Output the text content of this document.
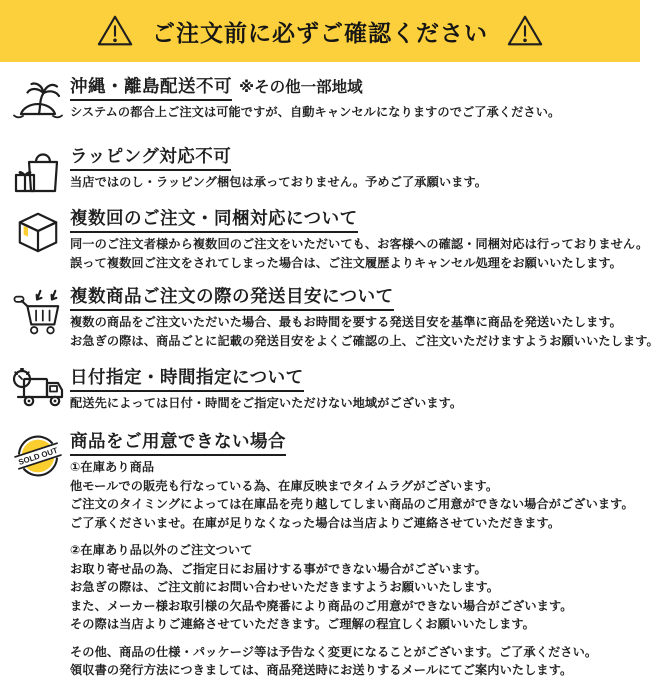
ご注文前に必ずご確認ください
沖縄・離島配送不可 ※その他一部地域
システムの都合上ご注文は可能ですが、自動キャンセルになりますのでご了承ください。
ラッピング対応不可
当店ではのし・ラッピング梱包は承っておりません。予めご了承願います。
複数回のご注文・同梱対応について
同一のご注文者様から複数回のご注文をいただいても、お客様への確認・同梱対応は行っておりません。
誤って複数回ご注文をされてしまった場合は、ご注文履歴よりキャンセル処理をお願いいたします。
複数商品ご注文の際の発送目安について
複数の商品をご注文いただいた場合、最もお時間を要する発送目安を基準に商品を発送いたします。
お急ぎの際は、商品ごとに記載の発送目安をよくご確認の上、ご注文いただけますようお願いいたします。
日付指定・時間指定について
配送先によっては日付・時間をご指定いただけない地域がございます。
SOLD OUT
商品をご用意できない場合
①在庫あり商品
他モールでの販売も行なっている為、在庫反映までタイムラグがございます。
ご注文のタイミングによっては在庫品を売り越してしまい商品のご用意ができない場合がございます。
ご了承くださいませ。在庫が足りなくなった場合は当店よりご連絡させていただきます。
②在庫あり品以外のご注文ついて
お取り寄せ品の為、ご指定日にお届けする事ができない場合がございます。
お急ぎの際は、ご注文前にお問い合わせいただきますようお願いいたします。
また、メーカー様お取引様の欠品や廃番により商品のご用意ができない場合がございます。
その際は当店よりご連絡させていただきます。ご理解の程宜しくお願いいたします。
その他、商品の仕様・パッケージ等は予告なく変更になることがございます。ご了承ください。
領収書の発行方法につきましては、商品発送時にお送りするメールにてご案内いたします。
